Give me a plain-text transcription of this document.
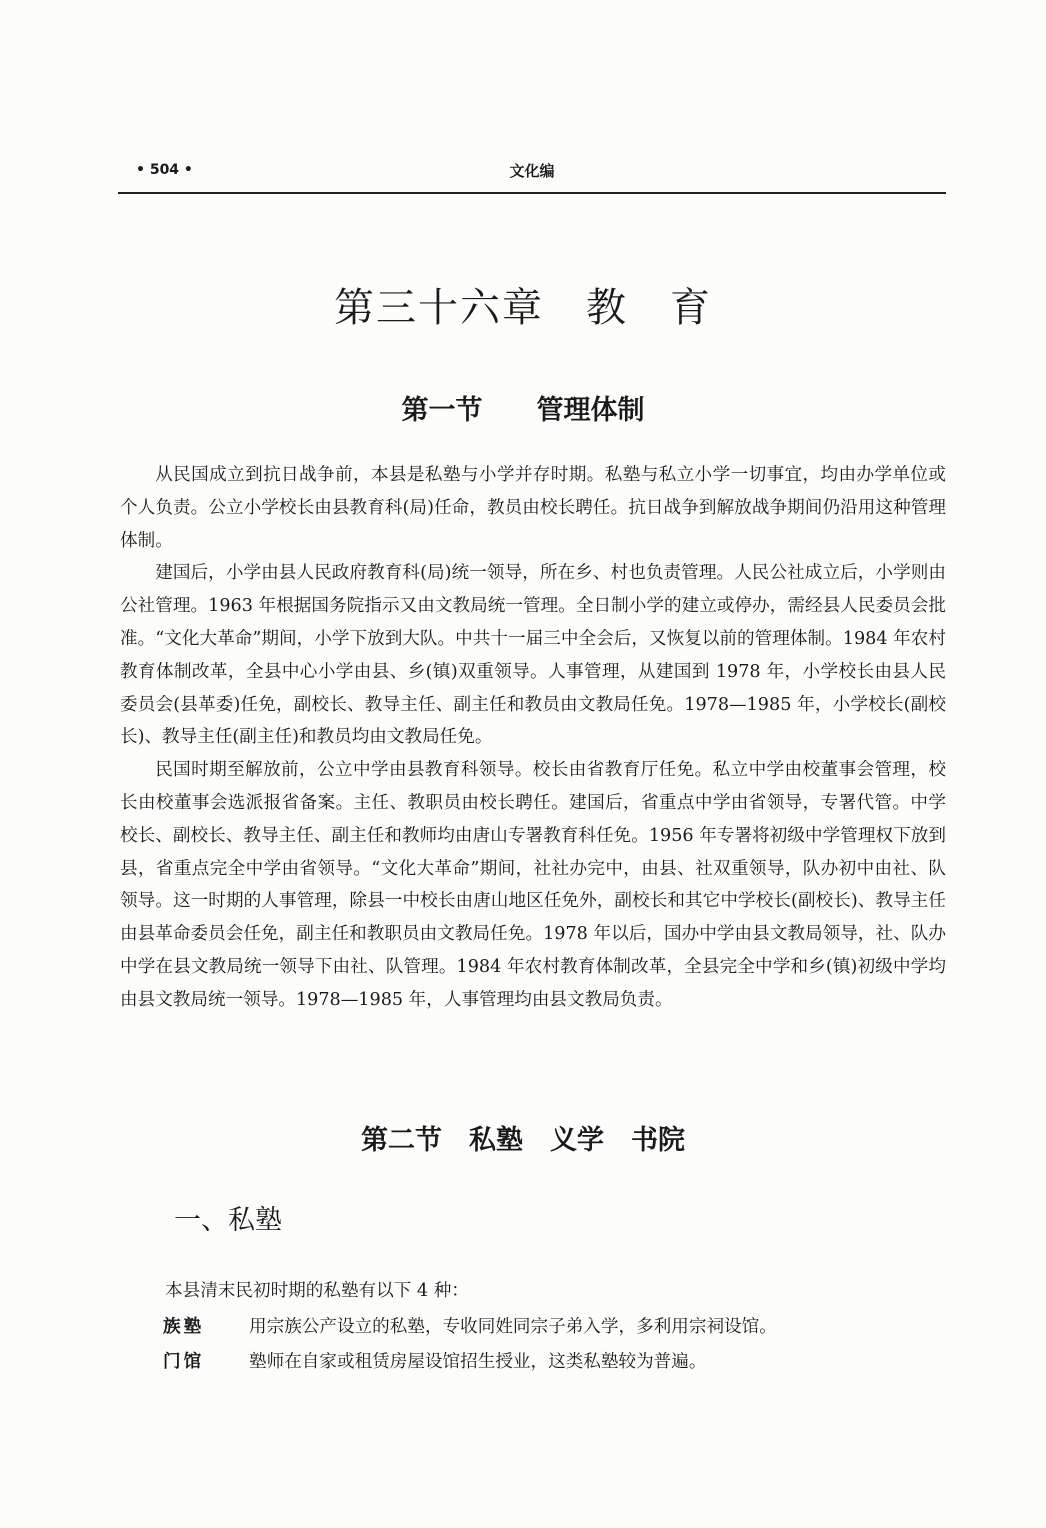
• 504 •	文化编
第三十六章　教　育
第一节　　管理体制

从民国成立到抗日战争前，本县是私塾与小学并存时期。私塾与私立小学一切事宜，均由办学单位或个人负责。公立小学校长由县教育科(局)任命，教员由校长聘任。抗日战争到解放战争期间仍沿用这种管理体制。

建国后，小学由县人民政府教育科(局)统一领导，所在乡、村也负责管理。人民公社成立后，小学则由公社管理。1963 年根据国务院指示又由文教局统一管理。全日制小学的建立或停办，需经县人民委员会批准。“文化大革命”期间，小学下放到大队。中共十一届三中全会后，又恢复以前的管理体制。1984 年农村教育体制改革，全县中心小学由县、乡(镇)双重领导。人事管理，从建国到 1978 年，小学校长由县人民委员会(县革委)任免，副校长、教导主任、副主任和教员由文教局任免。1978—1985 年，小学校长(副校长)、教导主任(副主任)和教员均由文教局任免。

民国时期至解放前，公立中学由县教育科领导。校长由省教育厅任免。私立中学由校董事会管理，校长由校董事会选派报省备案。主任、教职员由校长聘任。建国后，省重点中学由省领导，专署代管。中学校长、副校长、教导主任、副主任和教师均由唐山专署教育科任免。1956 年专署将初级中学管理权下放到县，省重点完全中学由省领导。“文化大革命”期间，社社办完中，由县、社双重领导，队办初中由社、队领导。这一时期的人事管理，除县一中校长由唐山地区任免外，副校长和其它中学校长(副校长)、教导主任由县革命委员会任免，副主任和教职员由文教局任免。1978 年以后，国办中学由县文教局领导，社、队办中学在县文教局统一领导下由社、队管理。1984 年农村教育体制改革，全县完全中学和乡(镇)初级中学均由县文教局统一领导。1978—1985 年，人事管理均由县文教局负责。

第二节　私塾　义学　书院
一、私塾
本县清末民初时期的私塾有以下 4 种：
族塾	用宗族公产设立的私塾，专收同姓同宗子弟入学，多利用宗祠设馆。
门馆	塾师在自家或租赁房屋设馆招生授业，这类私塾较为普遍。
